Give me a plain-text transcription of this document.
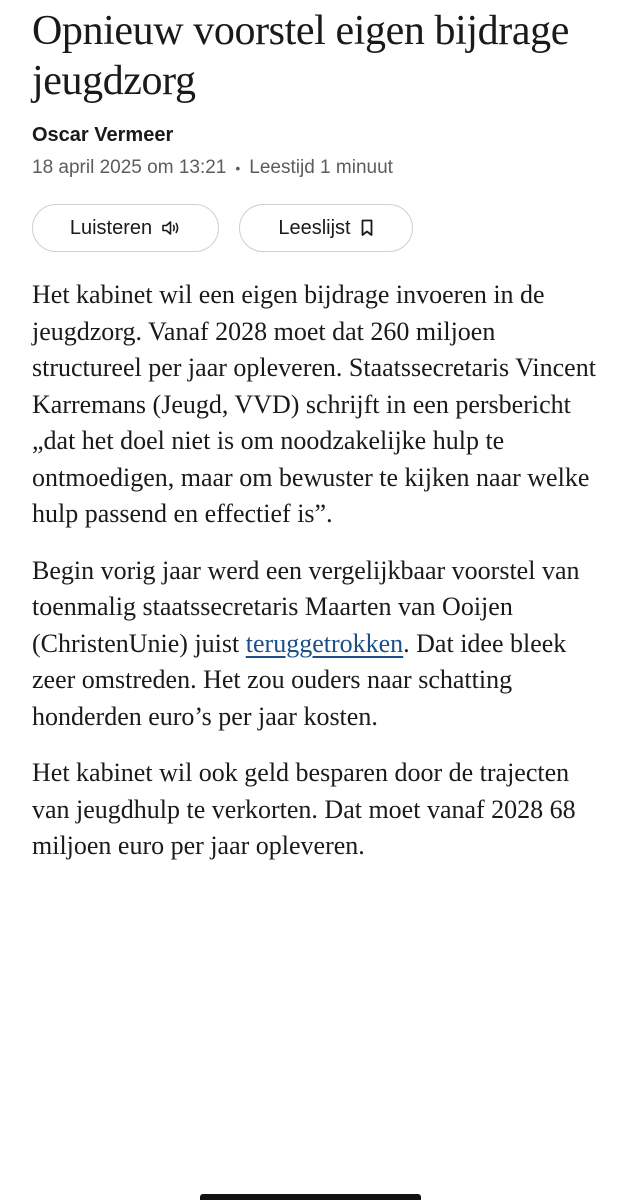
Opnieuw voorstel eigen bijdrage jeugdzorg
Oscar Vermeer
18 april 2025 om 13:21 • Leestijd 1 minuut
Luisteren	Leeslijst

Het kabinet wil een eigen bijdrage invoeren in de jeugdzorg. Vanaf 2028 moet dat 260 miljoen structureel per jaar opleveren. Staatssecretaris Vincent Karremans (Jeugd, VVD) schrijft in een persbericht „dat het doel niet is om noodzakelijke hulp te ontmoedigen, maar om bewuster te kijken naar welke hulp passend en effectief is”.

Begin vorig jaar werd een vergelijkbaar voorstel van toenmalig staatssecretaris Maarten van Ooijen (ChristenUnie) juist teruggetrokken. Dat idee bleek zeer omstreden. Het zou ouders naar schatting honderden euro’s per jaar kosten.

Het kabinet wil ook geld besparen door de trajecten van jeugdhulp te verkorten. Dat moet vanaf 2028 68 miljoen euro per jaar opleveren.
